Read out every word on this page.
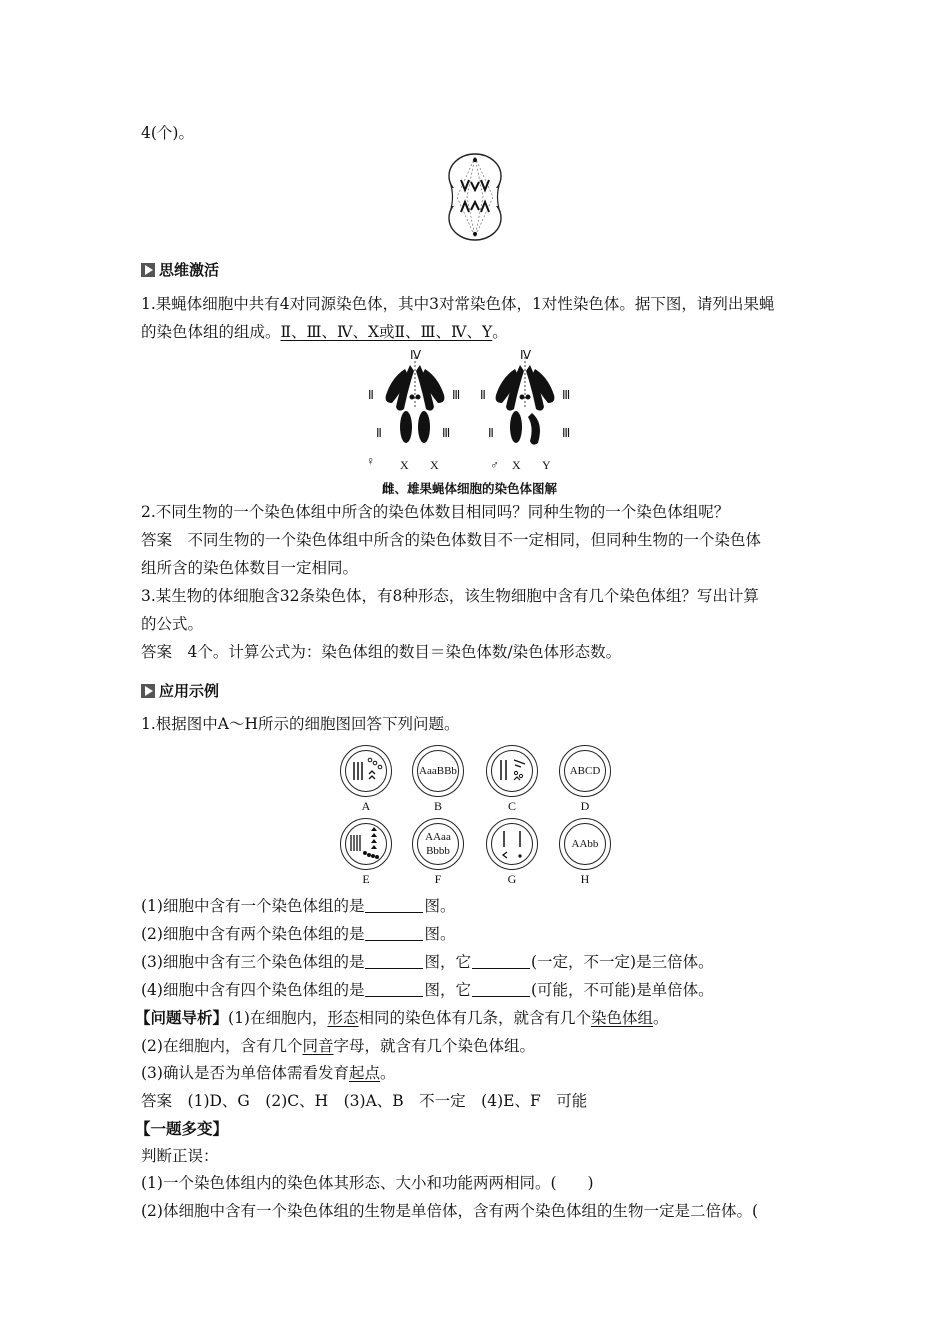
4(个)。
思维激活
1.果蝇体细胞中共有4对同源染色体，其中3对常染色体，1对性染色体。据下图，请列出果蝇
的染色体组的组成。Ⅱ、Ⅲ、Ⅳ、X或Ⅱ、Ⅲ、Ⅳ、Y。
Ⅳ	Ⅳ
Ⅱ	Ⅲ
Ⅱ	Ⅲ
Ⅱ	Ⅲ
Ⅱ	Ⅲ
♀ X X	♂ X Y
雌、雄果蝇体细胞的染色体图解
2.不同生物的一个染色体组中所含的染色体数目相同吗？同种生物的一个染色体组呢？
答案　 不同生物的一个染色体组中所含的染色体数目不一定相同，但同种生物的一个染色体
组所含的染色体数目一定相同。
3.某生物的体细胞含32条染色体，有8种形态，该生物细胞中含有几个染色体组？写出计算
的公式。
答案　 4个。计算公式为：染色体组的数目＝染色体数/染色体形态数。
应用示例
1.根据图中A～H所示的细胞图回答下列问题。
A
AaaBBb
B	C
ABCD
D
E
AAaa
Bbbb
F	G
AAbb
H
(1)细胞中含有一个染色体组的是	图。
(2)细胞中含有两个染色体组的是	图。
(3)细胞中含有三个染色体组的是	图，它	(一定，不一定)是三倍体。
(4)细胞中含有四个染色体组的是	图，它	(可能，不可能)是单倍体。
【问题导析】(1)在细胞内，形态相同的染色体有几条，就含有几个染色体组。
(2)在细胞内，含有几个同音字母，就含有几个染色体组。
(3)确认是否为单倍体需看发育起点。
答案　 (1)D、G　(2)C、H　(3)A、B　不一定　(4)E、F　可能
【一题多变】
判断正误：
(1)一个染色体组内的染色体其形态、大小和功能两两相同。(　　)
(2)体细胞中含有一个染色体组的生物是单倍体，含有两个染色体组的生物一定是二倍体。(
